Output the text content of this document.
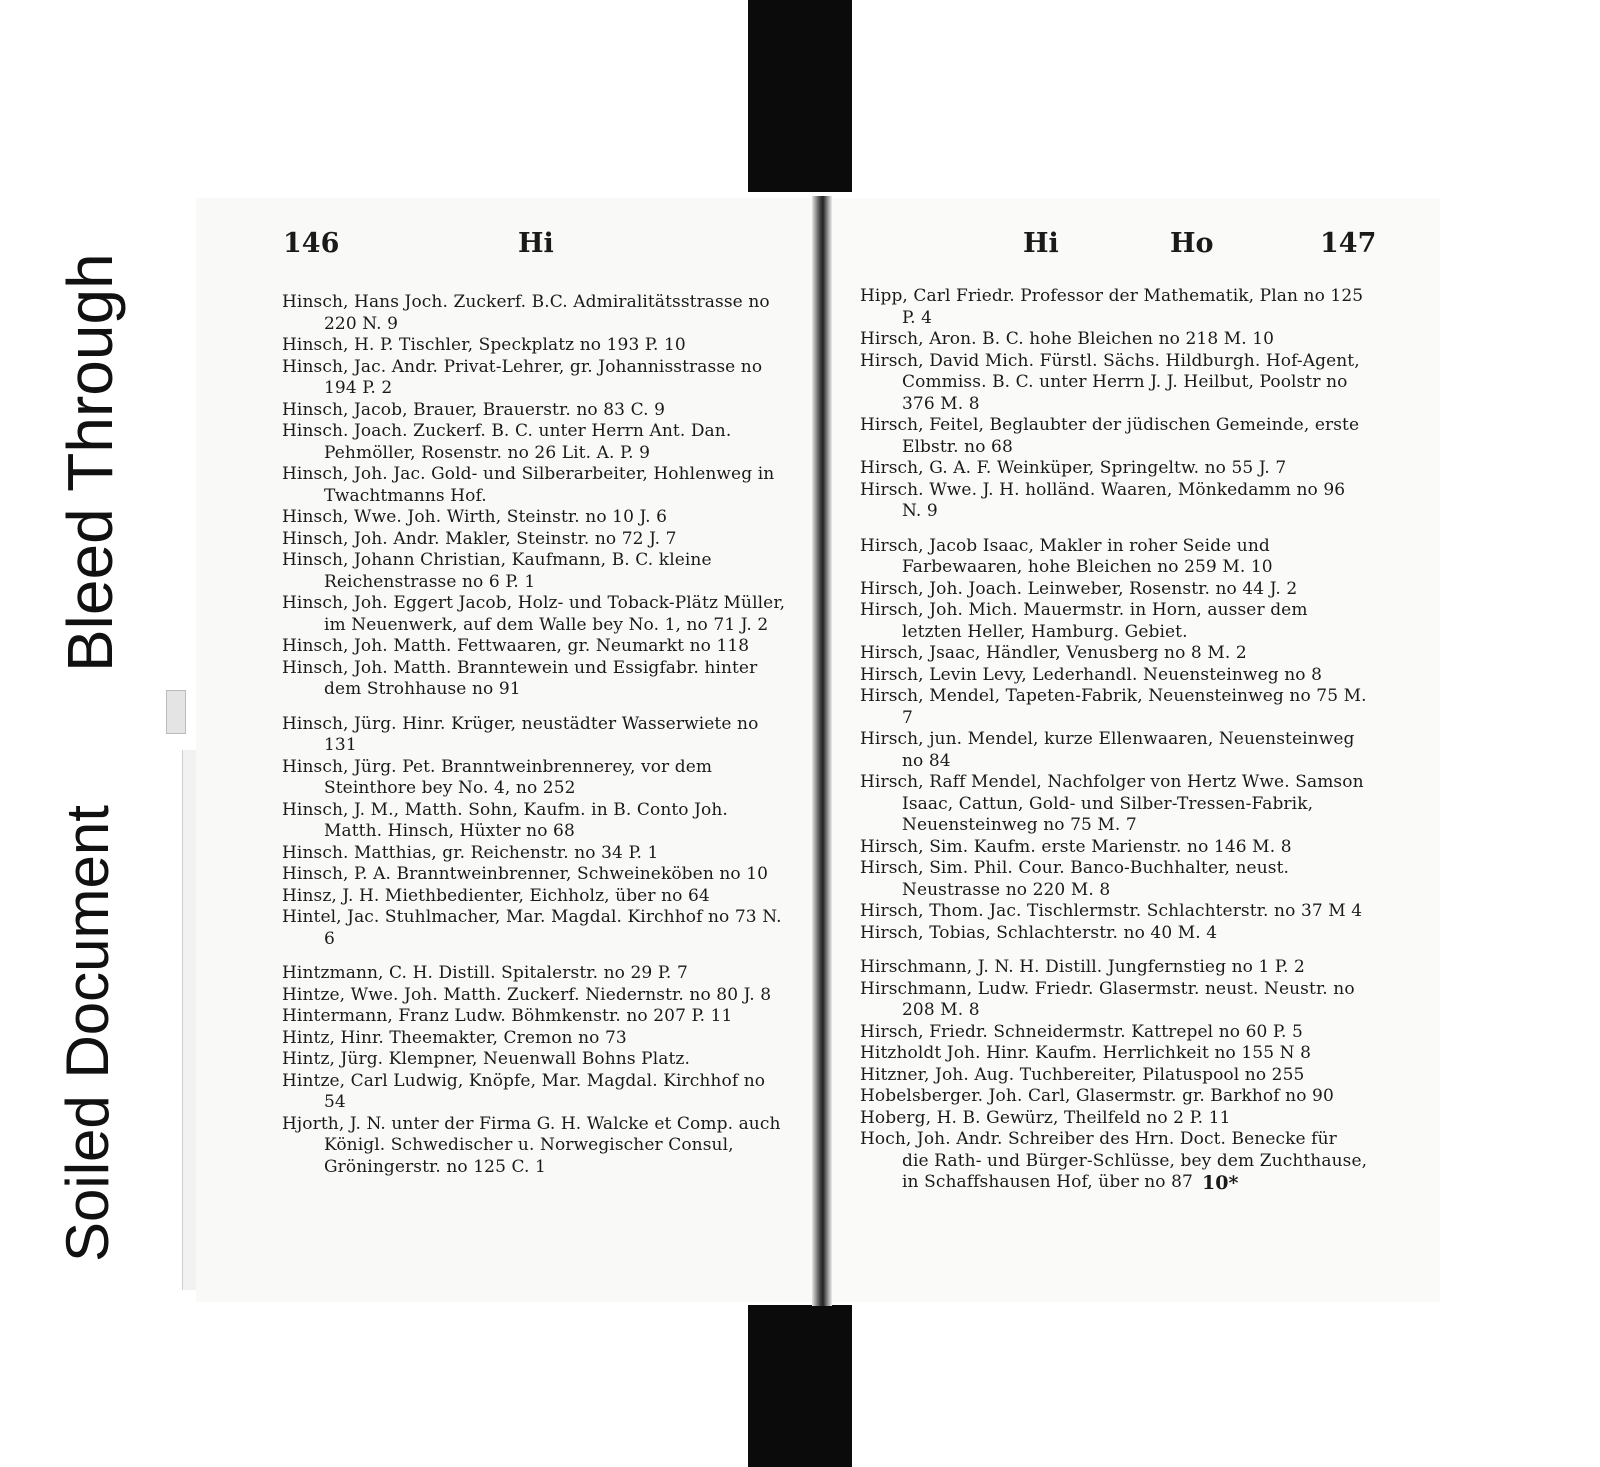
Bleed Through
Soiled Document
146	Hi	Hi	Ho	147
Hinsch, Hans Joch. Zuckerf. B.C. Admiralitätsstrasse no 220 N. 9
Hinsch, H. P. Tischler, Speckplatz no 193 P. 10
Hinsch, Jac. Andr. Privat-Lehrer, gr. Johannisstrasse no 194 P. 2
Hinsch, Jacob, Brauer, Brauerstr. no 83 C. 9
Hinsch. Joach. Zuckerf. B. C. unter Herrn Ant. Dan. Pehmöller, Rosenstr. no 26 Lit. A. P. 9
Hinsch, Joh. Jac. Gold- und Silberarbeiter, Hohlenweg in Twachtmanns Hof.
Hinsch, Wwe. Joh. Wirth, Steinstr. no 10 J. 6
Hinsch, Joh. Andr. Makler, Steinstr. no 72 J. 7
Hinsch, Johann Christian, Kaufmann, B. C. kleine Reichenstrasse no 6 P. 1
Hinsch, Joh. Eggert Jacob, Holz- und Toback-Plätz Müller, im Neuenwerk, auf dem Walle bey No. 1, no 71 J. 2
Hinsch, Joh. Matth. Fettwaaren, gr. Neumarkt no 118
Hinsch, Joh. Matth. Branntewein und Essigfabr. hinter dem Strohhause no 91
Hinsch, Jürg. Hinr. Krüger, neustädter Wasserwiete no 131
Hinsch, Jürg. Pet. Branntweinbrennerey, vor dem Steinthore bey No. 4, no 252
Hinsch, J. M., Matth. Sohn, Kaufm. in B. Conto Joh. Matth. Hinsch, Hüxter no 68
Hinsch. Matthias, gr. Reichenstr. no 34 P. 1
Hinsch, P. A. Branntweinbrenner, Schweineköben no 10
Hinsz, J. H. Miethbedienter, Eichholz, über no 64
Hintel, Jac. Stuhlmacher, Mar. Magdal. Kirchhof no 73 N. 6
Hintzmann, C. H. Distill. Spitalerstr. no 29 P. 7
Hintze, Wwe. Joh. Matth. Zuckerf. Niedernstr. no 80 J. 8
Hintermann, Franz Ludw. Böhmkenstr. no 207 P. 11
Hintz, Hinr. Theemakter, Cremon no 73
Hintz, Jürg. Klempner, Neuenwall Bohns Platz.
Hintze, Carl Ludwig, Knöpfe, Mar. Magdal. Kirchhof no 54
Hjorth, J. N. unter der Firma G. H. Walcke et Comp. auch Königl. Schwedischer u. Norwegischer Consul, Gröningerstr. no 125 C. 1
Hipp, Carl Friedr. Professor der Mathematik, Plan no 125 P. 4
Hirsch, Aron. B. C. hohe Bleichen no 218 M. 10
Hirsch, David Mich. Fürstl. Sächs. Hildburgh. Hof-Agent, Commiss. B. C. unter Herrn J. J. Heilbut, Poolstr no 376 M. 8
Hirsch, Feitel, Beglaubter der jüdischen Gemeinde, erste Elbstr. no 68
Hirsch, G. A. F. Weinküper, Springeltw. no 55 J. 7
Hirsch. Wwe. J. H. holländ. Waaren, Mönkedamm no 96 N. 9
Hirsch, Jacob Isaac, Makler in roher Seide und Farbewaaren, hohe Bleichen no 259 M. 10
Hirsch, Joh. Joach. Leinweber, Rosenstr. no 44 J. 2
Hirsch, Joh. Mich. Mauermstr. in Horn, ausser dem letzten Heller, Hamburg. Gebiet.
Hirsch, Jsaac, Händler, Venusberg no 8 M. 2
Hirsch, Levin Levy, Lederhandl. Neuensteinweg no 8
Hirsch, Mendel, Tapeten-Fabrik, Neuensteinweg no 75 M. 7
Hirsch, jun. Mendel, kurze Ellenwaaren, Neuensteinweg no 84
Hirsch, Raff Mendel, Nachfolger von Hertz Wwe. Samson Isaac, Cattun, Gold- und Silber-Tressen-Fabrik, Neuensteinweg no 75 M. 7
Hirsch, Sim. Kaufm. erste Marienstr. no 146 M. 8
Hirsch, Sim. Phil. Cour. Banco-Buchhalter, neust. Neustrasse no 220 M. 8
Hirsch, Thom. Jac. Tischlermstr. Schlachterstr. no 37 M 4
Hirsch, Tobias, Schlachterstr. no 40 M. 4
Hirschmann, J. N. H. Distill. Jungfernstieg no 1 P. 2
Hirschmann, Ludw. Friedr. Glasermstr. neust. Neustr. no 208 M. 8
Hirsch, Friedr. Schneidermstr. Kattrepel no 60 P. 5
Hitzholdt Joh. Hinr. Kaufm. Herrlichkeit no 155 N 8
Hitzner, Joh. Aug. Tuchbereiter, Pilatuspool no 255
Hobelsberger. Joh. Carl, Glasermstr. gr. Barkhof no 90
Hoberg, H. B. Gewürz, Theilfeld no 2 P. 11
Hoch, Joh. Andr. Schreiber des Hrn. Doct. Benecke für die Rath- und Bürger-Schlüsse, bey dem Zuchthause, in Schaffshausen Hof, über no 87 10*
